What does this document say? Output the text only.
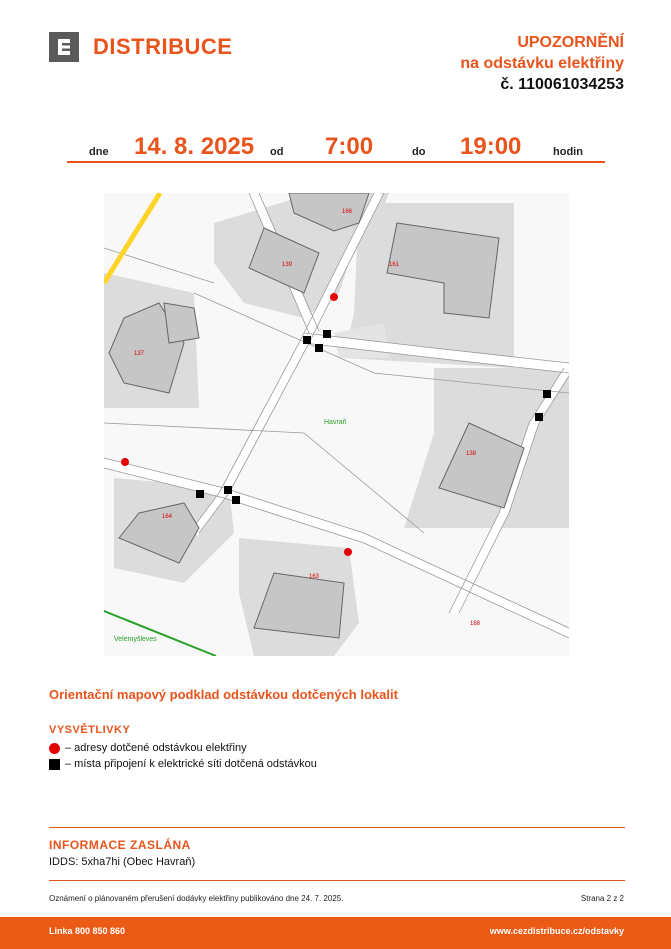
DISTRIBUCE	UPOZORNĚNÍ
na odstávku elektřiny
č. 110061034253
dne 14. 8. 2025 od 7:00	do 19:00	hodin
166
139	161
137
138
164
163
168
Havraň
Velemyšleves
Orientační mapový podklad odstávkou dotčených lokalit
VYSVĚTLIVKY
– adresy dotčené odstávkou elektřiny
– místa připojení k elektrické síti dotčená odstávkou
INFORMACE ZASLÁNA
IDDS: 5xha7hi (Obec Havraň)
Oznámení o plánovaném přerušení dodávky elektřiny publikováno dne 24. 7. 2025.	Strana 2 z 2
Linka 800 850 860	www.cezdistribuce.cz/odstavky
